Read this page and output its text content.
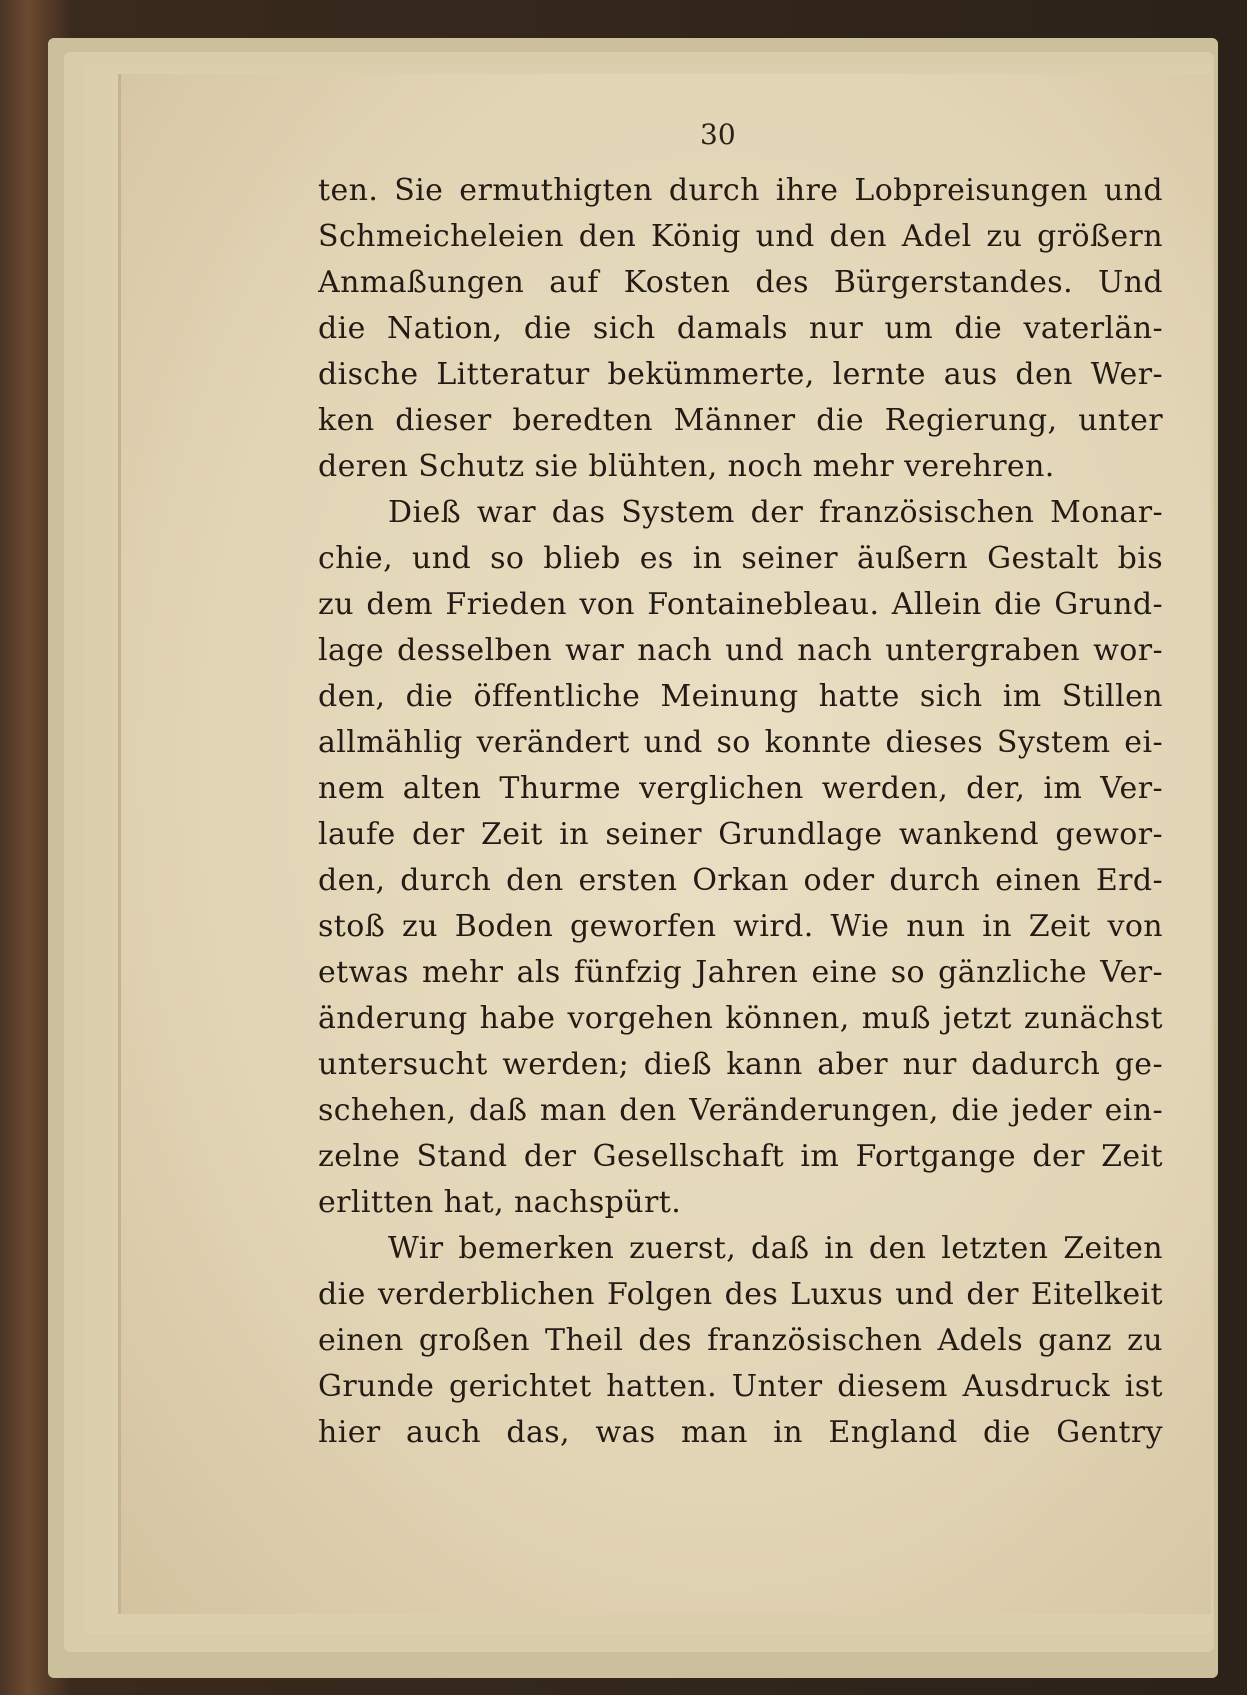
30
ten. Sie ermuthigten durch ihre Lobpreisungen und
Schmeicheleien den König und den Adel zu größern
Anmaßungen auf Kosten des Bürgerstandes. Und
die Nation, die sich damals nur um die vaterlän-
dische Litteratur bekümmerte, lernte aus den Wer-
ken dieser beredten Männer die Regierung, unter
deren Schutz sie blühten, noch mehr verehren.
Dieß war das System der französischen Monar-
chie, und so blieb es in seiner äußern Gestalt bis
zu dem Frieden von Fontainebleau. Allein die Grund-
lage desselben war nach und nach untergraben wor-
den, die öffentliche Meinung hatte sich im Stillen
allmählig verändert und so konnte dieses System ei-
nem alten Thurme verglichen werden, der, im Ver-
laufe der Zeit in seiner Grundlage wankend gewor-
den, durch den ersten Orkan oder durch einen Erd-
stoß zu Boden geworfen wird. Wie nun in Zeit von
etwas mehr als fünfzig Jahren eine so gänzliche Ver-
änderung habe vorgehen können, muß jetzt zunächst
untersucht werden; dieß kann aber nur dadurch ge-
schehen, daß man den Veränderungen, die jeder ein-
zelne Stand der Gesellschaft im Fortgange der Zeit
erlitten hat, nachspürt.
Wir bemerken zuerst, daß in den letzten Zeiten
die verderblichen Folgen des Luxus und der Eitelkeit
einen großen Theil des französischen Adels ganz zu
Grunde gerichtet hatten. Unter diesem Ausdruck ist
hier auch das, was man in England die Gentry
